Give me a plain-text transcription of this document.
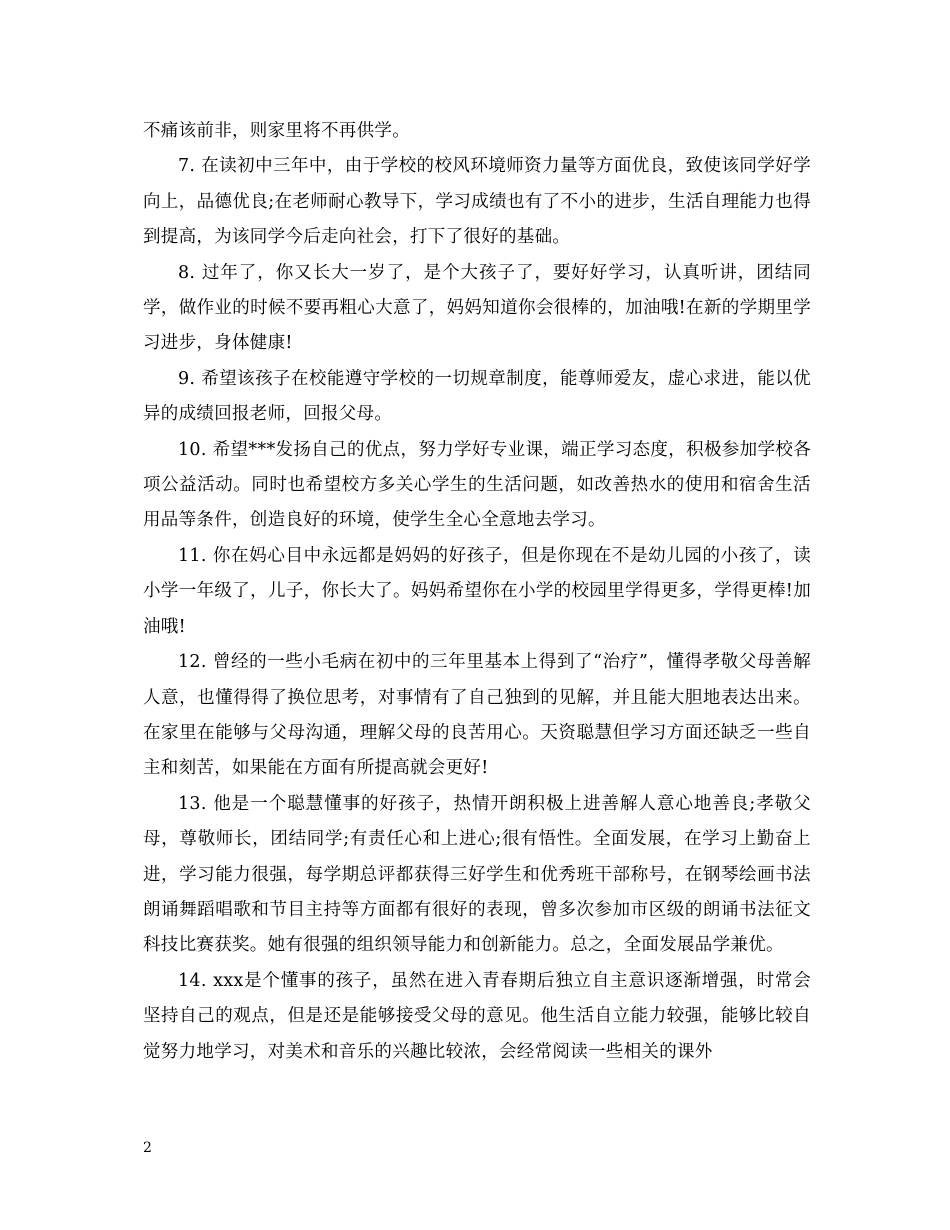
不痛该前非，则家里将不再供学。

7. 在读初中三年中，由于学校的校风环境师资力量等方面优良，致使该同学好学向上，品德优良;在老师耐心教导下，学习成绩也有了不小的进步，生活自理能力也得到提高，为该同学今后走向社会，打下了很好的基础。

8. 过年了，你又长大一岁了，是个大孩子了，要好好学习，认真听讲，团结同学，做作业的时候不要再粗心大意了，妈妈知道你会很棒的，加油哦!在新的学期里学习进步，身体健康!

9. 希望该孩子在校能遵守学校的一切规章制度，能尊师爱友，虚心求进，能以优异的成绩回报老师，回报父母。

10. 希望***发扬自己的优点，努力学好专业课，端正学习态度，积极参加学校各项公益活动。同时也希望校方多关心学生的生活问题，如改善热水的使用和宿舍生活用品等条件，创造良好的环境，使学生全心全意地去学习。

11. 你在妈心目中永远都是妈妈的好孩子，但是你现在不是幼儿园的小孩了，读小学一年级了，儿子，你长大了。妈妈希望你在小学的校园里学得更多，学得更棒!加油哦!

12. 曾经的一些小毛病在初中的三年里基本上得到了“治疗”，懂得孝敬父母善解人意，也懂得得了换位思考，对事情有了自己独到的见解，并且能大胆地表达出来。在家里在能够与父母沟通，理解父母的良苦用心。天资聪慧但学习方面还缺乏一些自主和刻苦，如果能在方面有所提高就会更好!

13. 他是一个聪慧懂事的好孩子，热情开朗积极上进善解人意心地善良;孝敬父母，尊敬师长，团结同学;有责任心和上进心;很有悟性。全面发展，在学习上勤奋上进，学习能力很强，每学期总评都获得三好学生和优秀班干部称号，在钢琴绘画书法朗诵舞蹈唱歌和节目主持等方面都有很好的表现，曾多次参加市区级的朗诵书法征文科技比赛获奖。她有很强的组织领导能力和创新能力。总之，全面发展品学兼优。

14. xxx是个懂事的孩子，虽然在进入青春期后独立自主意识逐渐增强，时常会坚持自己的观点，但是还是能够接受父母的意见。他生活自立能力较强，能够比较自觉努力地学习，对美术和音乐的兴趣比较浓，会经常阅读一些相关的课外

2
